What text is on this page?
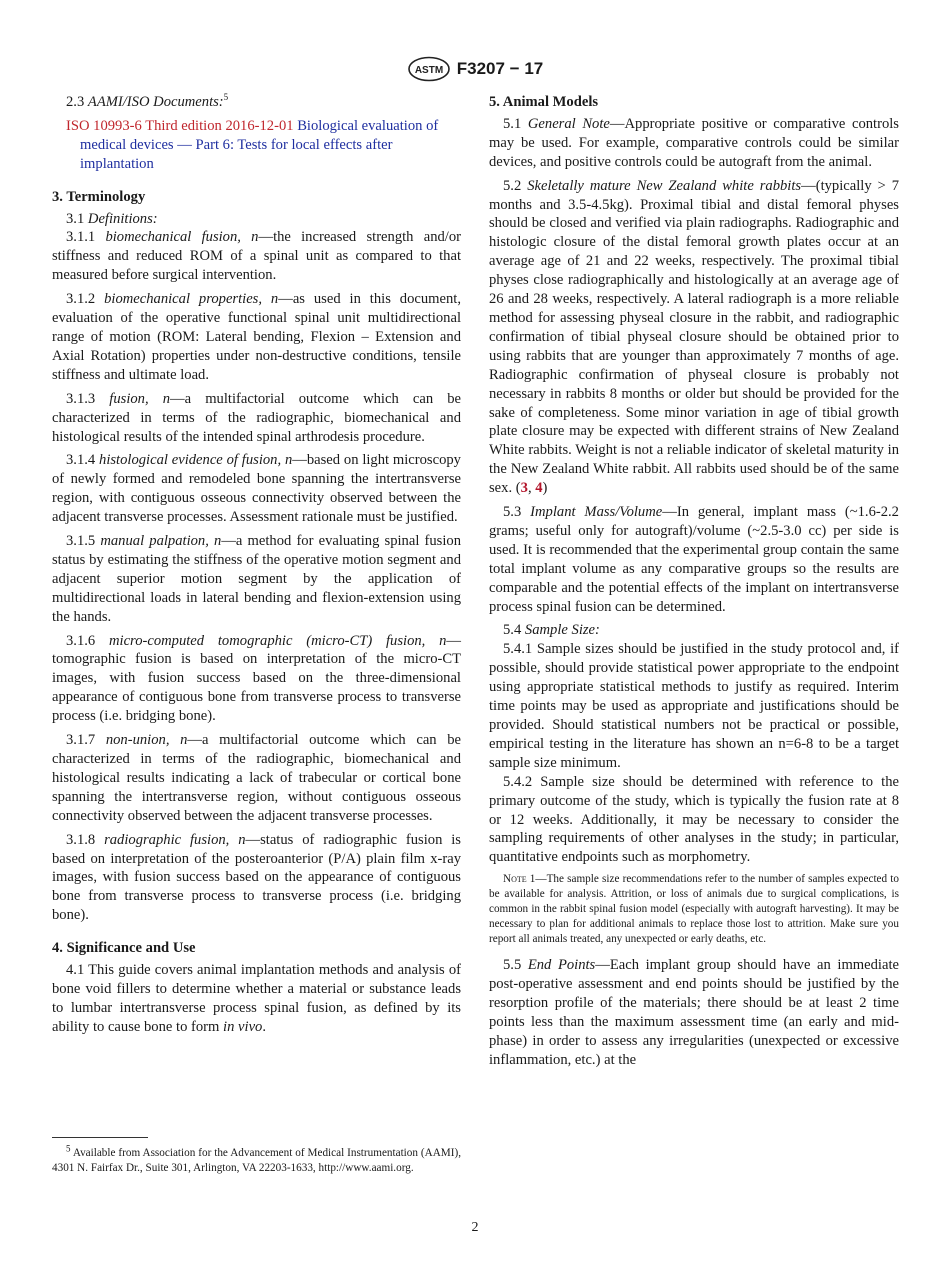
ASTM F3207 − 17

2.3 AAMI/ISO Documents:$^5$

ISO 10993-6 Third edition 2016-12-01 Biological evaluation of medical devices — Part 6: Tests for local effects after implantation

3. Terminology

3.1 Definitions:

3.1.1 biomechanical fusion, n—the increased strength and/or stiffness and reduced ROM of a spinal unit as compared to that measured before surgical intervention.

3.1.2 biomechanical properties, n—as used in this document, evaluation of the operative functional spinal unit multidirectional range of motion (ROM: Lateral bending, Flexion – Extension and Axial Rotation) properties under non-destructive conditions, tensile stiffness and ultimate load.

3.1.3 fusion, n—a multifactorial outcome which can be characterized in terms of the radiographic, biomechanical and histological results of the intended spinal arthrodesis procedure.

3.1.4 histological evidence of fusion, n—based on light microscopy of newly formed and remodeled bone spanning the intertransverse region, with contiguous osseous connectivity observed between the adjacent transverse processes. Assessment rationale must be justified.

3.1.5 manual palpation, n—a method for evaluating spinal fusion status by estimating the stiffness of the operative motion segment and adjacent superior motion segment by the application of multidirectional loads in lateral bending and flexion-extension using the hands.

3.1.6 micro-computed tomographic (micro-CT) fusion, n—tomographic fusion is based on interpretation of the micro-CT images, with fusion success based on the three-dimensional appearance of contiguous bone from transverse process to transverse process (i.e. bridging bone).

3.1.7 non-union, n—a multifactorial outcome which can be characterized in terms of the radiographic, biomechanical and histological results indicating a lack of trabecular or cortical bone spanning the intertransverse region, without contiguous osseous connectivity observed between the adjacent transverse processes.

3.1.8 radiographic fusion, n—status of radiographic fusion is based on interpretation of the posteroanterior (P/A) plain film x-ray images, with fusion success based on the appearance of contiguous bone from transverse process to transverse process (i.e. bridging bone).

4. Significance and Use

4.1 This guide covers animal implantation methods and analysis of bone void fillers to determine whether a material or substance leads to lumbar intertransverse process spinal fusion, as defined by its ability to cause bone to form in vivo.

$^5$ Available from Association for the Advancement of Medical Instrumentation (AAMI), 4301 N. Fairfax Dr., Suite 301, Arlington, VA 22203-1633, http://www.aami.org.

5. Animal Models

5.1 General Note—Appropriate positive or comparative controls may be used. For example, comparative controls could be similar devices, and positive controls could be autograft from the animal.

5.2 Skeletally mature New Zealand white rabbits—(typically > 7 months and 3.5-4.5kg). Proximal tibial and distal femoral physes should be closed and verified via plain radiographs. Radiographic and histologic closure of the distal femoral growth plates occur at an average age of 21 and 22 weeks, respectively. The proximal tibial physes close radiographically and histologically at an average age of 26 and 28 weeks, respectively. A lateral radiograph is a more reliable method for assessing physeal closure in the rabbit, and radiographic confirmation of tibial physeal closure should be obtained prior to using rabbits that are younger than approximately 7 months of age. Radiographic confirmation of physeal closure is probably not necessary in rabbits 8 months or older but should be provided for the sake of completeness. Some minor variation in age of tibial growth plate closure may be expected with different strains of New Zealand White rabbits. Weight is not a reliable indicator of skeletal maturity in the New Zealand White rabbit. All rabbits used should be of the same sex. (3, 4)

5.3 Implant Mass/Volume—In general, implant mass (~1.6-2.2 grams; useful only for autograft)/volume (~2.5-3.0 cc) per side is used. It is recommended that the experimental group contain the same total implant volume as any comparative groups so the results are comparable and the potential effects of the implant on intertransverse process spinal fusion can be determined.

5.4 Sample Size:

5.4.1 Sample sizes should be justified in the study protocol and, if possible, should provide statistical power appropriate to the endpoint using appropriate statistical methods to justify as required. Interim time points may be used as appropriate and justifications should be provided. Should statistical numbers not be practical or possible, empirical testing in the literature has shown an n=6-8 to be a target sample size minimum.

5.4.2 Sample size should be determined with reference to the primary outcome of the study, which is typically the fusion rate at 8 or 12 weeks. Additionally, it may be necessary to consider the sampling requirements of other analyses in the study; in particular, quantitative endpoints such as morphometry.

Note 1—The sample size recommendations refer to the number of samples expected to be available for analysis. Attrition, or loss of animals due to surgical complications, is common in the rabbit spinal fusion model (especially with autograft harvesting). It may be necessary to plan for additional animals to replace those lost to attrition. Make sure you report all animals treated, any unexpected or early deaths, etc.

5.5 End Points—Each implant group should have an immediate post-operative assessment and end points should be justified by the resorption profile of the materials; there should be at least 2 time points less than the maximum assessment time (an early and mid-phase) in order to assess any irregularities (unexpected or excessive inflammation, etc.) at the

2
